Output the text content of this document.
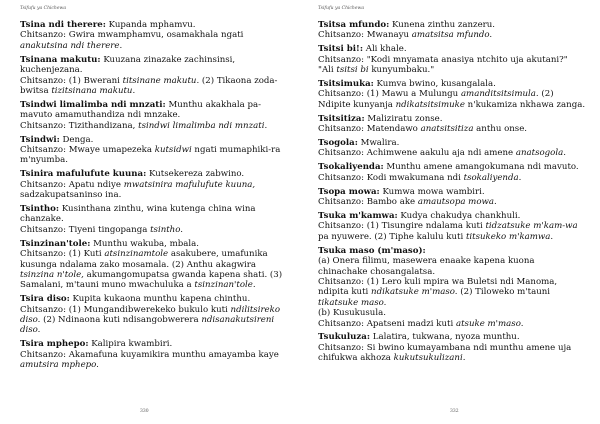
Tsifufu ya Chichewa

Tsina ndi therere: Kupanda mphamvu.

Chitsanzo: Gwira mwamphamvu, osamakhala ngati anakutsina ndi therere.

Tsinana makutu: Kuuzana zinazake zachinsinsi, kuchenjezana.

Chitsanzo: (1) Bwerani titsinane makutu. (2) Tikaona zoda-bwitsa tizitsinana makutu.

Tsindwi limalimba ndi mnzati: Munthu akakhala pa-mavuto amamuthandiza ndi mnzake.

Chitsanzo: Tizithandizana, tsindwi limalimba ndi mnzati.

Tsindwi: Denga.

Chitsanzo: Mwaye umapezeka kutsidwi ngati mumaphiki-ra m'nyumba.

Tsinira mafulufute kuuna: Kutsekereza zabwino.

Chitsanzo: Apatu ndiye mwatsinira mafulufute kuuna, sadzakupatsaninso ina.

Tsintho: Kusinthana zinthu, wina kutenga china wina chanzake.

Chitsanzo: Tiyeni tingopanga tsintho.

Tsinzinan'tole: Munthu wakuba, mbala.

Chitsanzo: (1) Kuti atsinzinamtole asakubere, umafunika kusunga ndalama zako mosamala. (2) Anthu akagwira tsinzina n'tole, akumangomupatsa gwanda kapena shati. (3) Samalani, m'tauni muno mwachuluka a tsinzinan'tole.

Tsira diso: Kupita kukaona munthu kapena chinthu.

Chitsanzo: (1) Mungandibwerekeko bukulo kuti ndilitsireko diso. (2) Ndinaona kuti ndisangobwerera ndisanakutsireni diso.

Tsira mphepo: Kalipira kwambiri.

Chitsanzo: Akamafuna kuyamikira munthu amayamba kaye amutsira mphepo.

330
Tsifufu ya Chichewa

Tsitsa mfundo: Kunena zinthu zanzeru.

Chitsanzo: Mwanayu amatsitsa mfundo.

Tsitsi bi!: Ali khale.

Chitsanzo: "Kodi mnyamata anasiya ntchito uja akutani?"

"Ali tsitsi bi kunyumbaku."

Tsitsimuka: Kumva bwino, kusangalala.

Chitsanzo: (1) Mawu a Mulungu amanditsitsimula. (2) Ndipite kunyanja ndikatsitsimuke n'kukamiza nkhawa zanga.

Tsitsitiza: Maliziratu zonse.

Chitsanzo: Matendawo anatsitsitiza anthu onse.

Tsogola: Mwalira.

Chitsanzo: Achimwene aakulu aja ndi amene anatsogola.

Tsokaliyenda: Munthu amene amangokumana ndi mavuto.

Chitsanzo: Kodi mwakumana ndi tsokaliyenda.

Tsopa mowa: Kumwa mowa wambiri.

Chitsanzo: Bambo ake amautsopa mowa.

Tsuka m'kamwa: Kudya chakudya chankhuli.

Chitsanzo: (1) Tisungire ndalama kuti tidzatsuke m'kam-wa pa nyuwere. (2) Tiphe kalulu kuti titsukeko m'kamwa.

Tsuka maso (m'maso):

(a) Onera filimu, masewera enaake kapena kuona chinachake chosangalatsa.

Chitsanzo: (1) Lero kuli mpira wa Buletsi ndi Manoma, ndipita kuti ndikatsuke m'maso. (2) Tiloweko m'tauni tikatsuke maso.

(b) Kusukusula.

Chitsanzo: Apatseni madzi kuti atsuke m'maso.

Tsukuluza: Lalatira, tukwana, nyoza munthu.

Chitsanzo: Si bwino kumayambana ndi munthu amene uja chifukwa akhoza kukutsukulizani.

332
